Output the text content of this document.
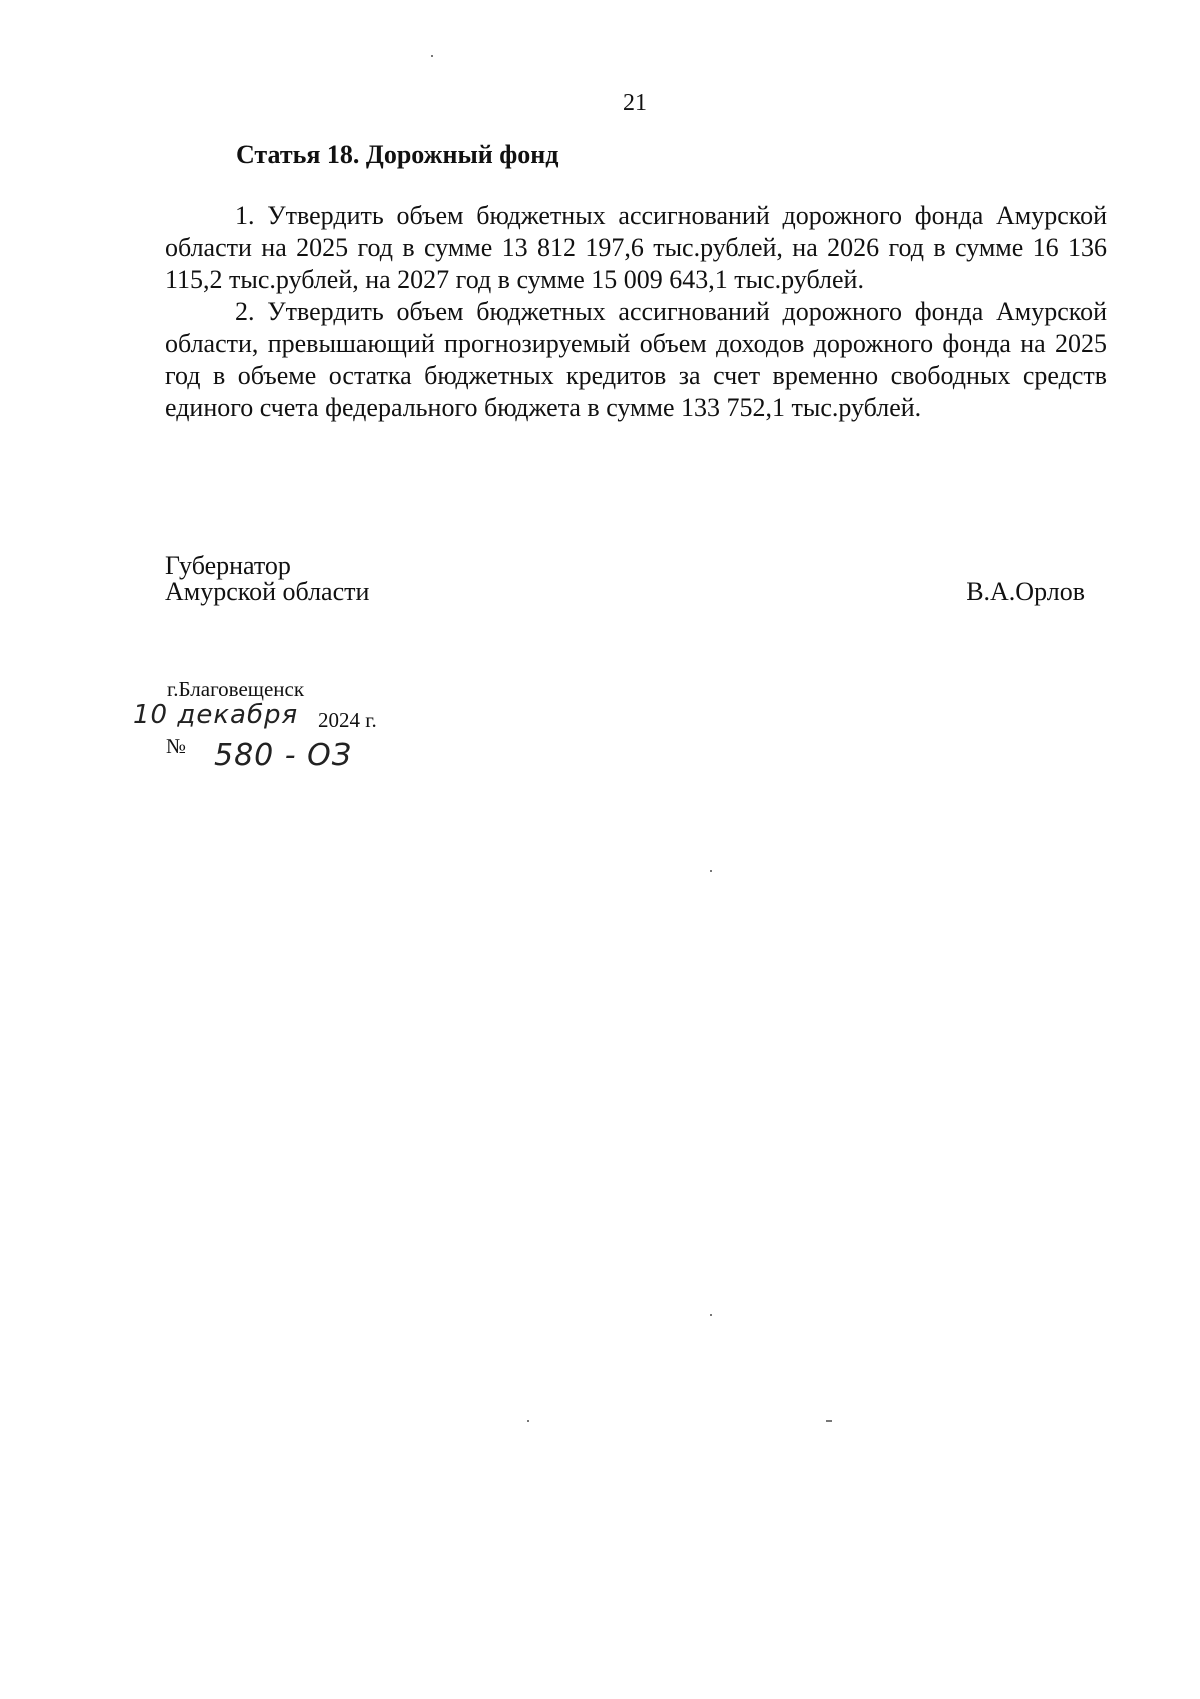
21
Статья 18. Дорожный фонд

1. Утвердить объем бюджетных ассигнований дорожного фонда Амурской области на 2025 год в сумме 13 812 197,6 тыс.рублей, на 2026 год в сумме 16 136 115,2 тыс.рублей, на 2027 год в сумме 15 009 643,1 тыс.рублей.

2. Утвердить объем бюджетных ассигнований дорожного фонда Амурской области, превышающий прогнозируемый объем доходов дорожного фонда на 2025 год в объеме остатка бюджетных кредитов за счет временно свободных средств единого счета федерального бюджета в сумме 133 752,1 тыс.рублей.

Губернатор
Амурской области	В.А.Орлов
г.Благовещенск
10 декабря 2024 г.
№ 580 - ОЗ
